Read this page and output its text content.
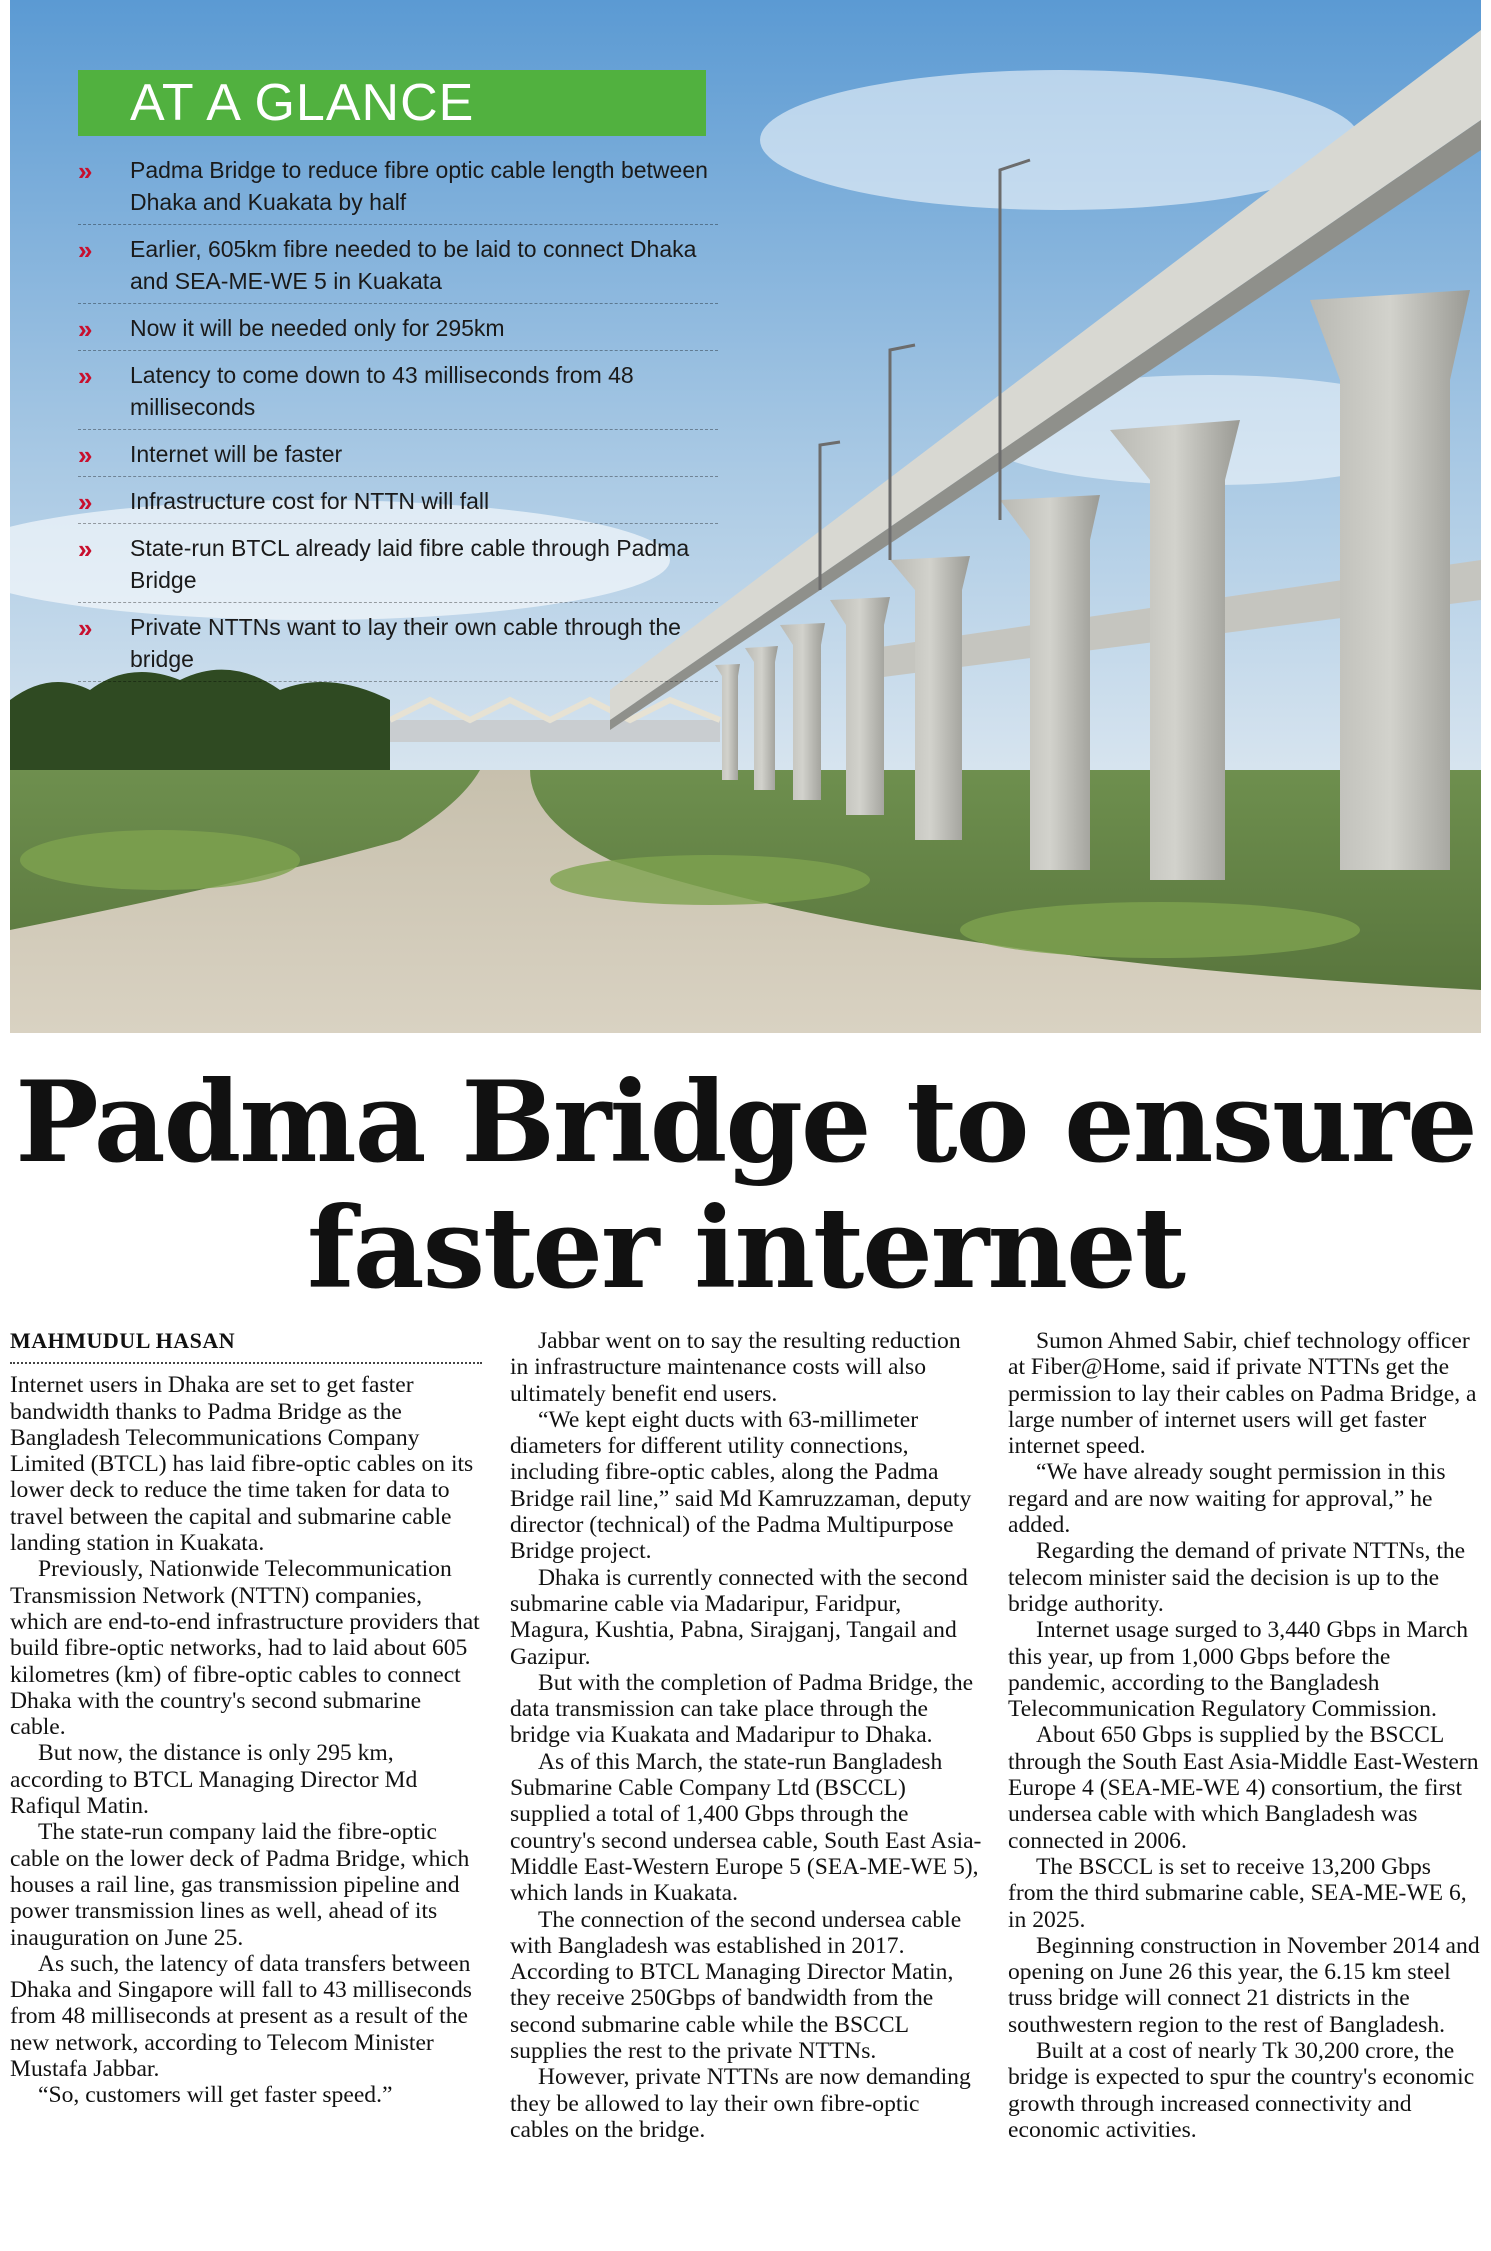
AT A GLANCE
» Padma Bridge to reduce fibre optic cable length between Dhaka and Kuakata by half
» Earlier, 605km fibre needed to be laid to connect Dhaka and SEA-ME-WE 5 in Kuakata
» Now it will be needed only for 295km
» Latency to come down to 43 milliseconds from 48 milliseconds
» Internet will be faster
» Infrastructure cost for NTTN will fall
» State-run BTCL already laid fibre cable through Padma Bridge
» Private NTTNs want to lay their own cable through the bridge
Padma Bridge to ensure
faster internet
MAHMUDUL HASAN

Internet users in Dhaka are set to get faster bandwidth thanks to Padma Bridge as the Bangladesh Telecommunications Company Limited (BTCL) has laid fibre-optic cables on its lower deck to reduce the time taken for data to travel between the capital and submarine cable landing station in Kuakata.

Previously, Nationwide Telecommunication Transmission Network (NTTN) companies, which are end-to-end infrastructure providers that build fibre-optic networks, had to laid about 605 kilometres (km) of fibre-optic cables to connect Dhaka with the country's second submarine cable.

But now, the distance is only 295 km, according to BTCL Managing Director Md Rafiqul Matin.

The state-run company laid the fibre-optic cable on the lower deck of Padma Bridge, which houses a rail line, gas transmission pipeline and power transmission lines as well, ahead of its inauguration on June 25.

As such, the latency of data transfers between Dhaka and Singapore will fall to 43 milliseconds from 48 milliseconds at present as a result of the new network, according to Telecom Minister Mustafa Jabbar.

“So, customers will get faster speed.”

Jabbar went on to say the resulting reduction in infrastructure maintenance costs will also ultimately benefit end users.

“We kept eight ducts with 63-millimeter diameters for different utility connections, including fibre-optic cables, along the Padma Bridge rail line,” said Md Kamruzzaman, deputy director (technical) of the Padma Multipurpose Bridge project.

Dhaka is currently connected with the second submarine cable via Madaripur, Faridpur, Magura, Kushtia, Pabna, Sirajganj, Tangail and Gazipur.

But with the completion of Padma Bridge, the data transmission can take place through the bridge via Kuakata and Madaripur to Dhaka.

As of this March, the state-run Bangladesh Submarine Cable Company Ltd (BSCCL) supplied a total of 1,400 Gbps through the country's second undersea cable, South East Asia-Middle East-Western Europe 5 (SEA-ME-WE 5), which lands in Kuakata.

The connection of the second undersea cable with Bangladesh was established in 2017. According to BTCL Managing Director Matin, they receive 250Gbps of bandwidth from the second submarine cable while the BSCCL supplies the rest to the private NTTNs.

However, private NTTNs are now demanding they be allowed to lay their own fibre-optic cables on the bridge.

Sumon Ahmed Sabir, chief technology officer at Fiber@Home, said if private NTTNs get the permission to lay their cables on Padma Bridge, a large number of internet users will get faster internet speed.

“We have already sought permission in this regard and are now waiting for approval,” he added.

Regarding the demand of private NTTNs, the telecom minister said the decision is up to the bridge authority.

Internet usage surged to 3,440 Gbps in March this year, up from 1,000 Gbps before the pandemic, according to the Bangladesh Telecommunication Regulatory Commission.

About 650 Gbps is supplied by the BSCCL through the South East Asia-Middle East-Western Europe 4 (SEA-ME-WE 4) consortium, the first undersea cable with which Bangladesh was connected in 2006.

The BSCCL is set to receive 13,200 Gbps from the third submarine cable, SEA-ME-WE 6, in 2025.

Beginning construction in November 2014 and opening on June 26 this year, the 6.15 km steel truss bridge will connect 21 districts in the southwestern region to the rest of Bangladesh.

Built at a cost of nearly Tk 30,200 crore, the bridge is expected to spur the country's economic growth through increased connectivity and economic activities.
